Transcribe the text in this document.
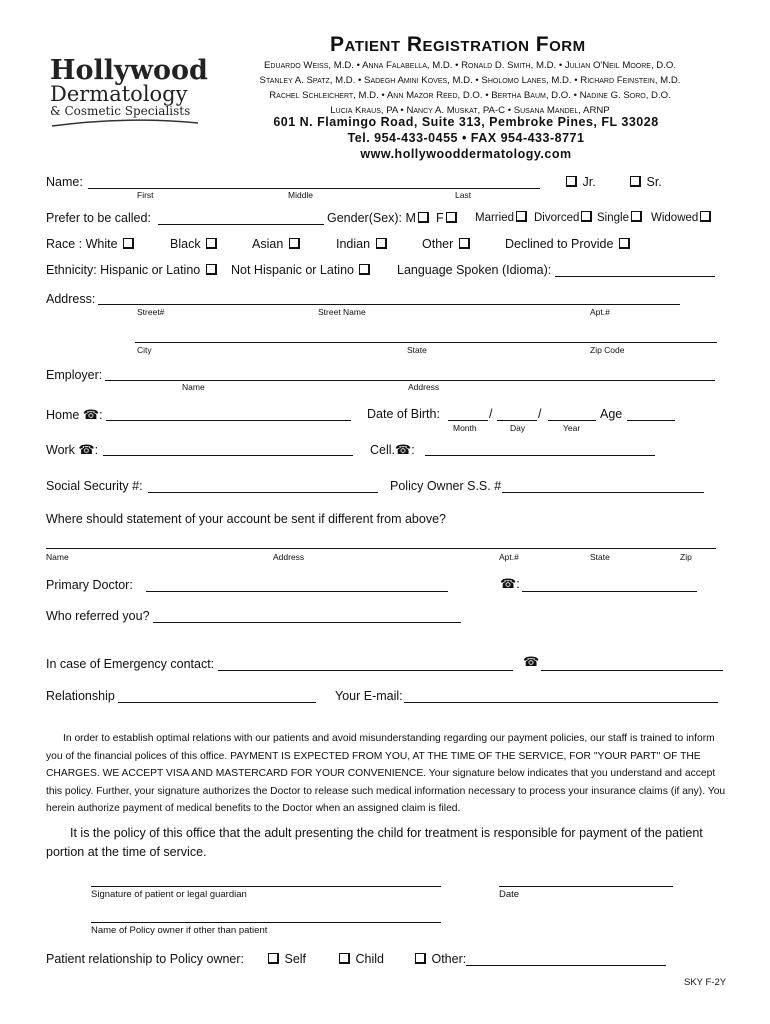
Hollywood
Dermatology
& Cosmetic Specialists
Patient Registration Form
Eduardo Weiss, M.D. • Anna Falabella, M.D. • Ronald D. Smith, M.D. • Julian O'Neil Moore, D.O.
Stanley A. Spatz, M.D. • Sadegh Amini Koves, M.D. • Sholomo Lanes, M.D. • Richard Feinstein, M.D.
Rachel Schleichert, M.D. • Ann Mazor Reed, D.O. • Bertha Baum, D.O. • Nadine G. Soro, D.O.
Lucia Kraus, PA • Nancy A. Muskat, PA-C • Susana Mandel, ARNP
601 N. Flamingo Road, Suite 313, Pembroke Pines, FL 33028
Tel. 954-433-0455 • FAX 954-433-8771
www.hollywooddermatology.com
Name:	Jr.	Sr.
First	Middle	Last
Prefer to be called:	Gender(Sex): M	F	Married	Divorced	Single	Widowed
Race : White	Black	Asian	Indian	Other	Declined to Provide
Ethnicity: Hispanic or Latino	Not Hispanic or Latino	Language Spoken (Idioma):
Address:
Street#	Street Name	Apt.#
City	State	Zip Code
Employer:
Name	Address
Home ☎:	Date of Birth:	/	/	Age
Month	Day	Year
Work ☎:	Cell.☎:
Social Security #:	Policy Owner S.S. #
Where should statement of your account be sent if different from above?
Name	Address	Apt.#	State	Zip
Primary Doctor:	☎:
Who referred you?
In case of Emergency contact:	☎
Relationship	Your E-mail:
In order to establish optimal relations with our patients and avoid misunderstanding regarding our payment policies, our staff is trained to inform you of the financial polices of this office. PAYMENT IS EXPECTED FROM YOU, AT THE TIME OF THE SERVICE, FOR "YOUR PART" OF THE CHARGES. WE ACCEPT VISA AND MASTERCARD FOR YOUR CONVENIENCE. Your signature below indicates that you understand and accept this policy. Further, your signature authorizes the Doctor to release such medical information necessary to process your insurance claims (if any). You herein authorize payment of medical benefits to the Doctor when an assigned claim is filed.
It is the policy of this office that the adult presenting the child for treatment is responsible for payment of the patient portion at the time of service.
Signature of patient or legal guardian	Date
Name of Policy owner if other than patient
Patient relationship to Policy owner:	Self	Child	Other:
SKY F-2Y
